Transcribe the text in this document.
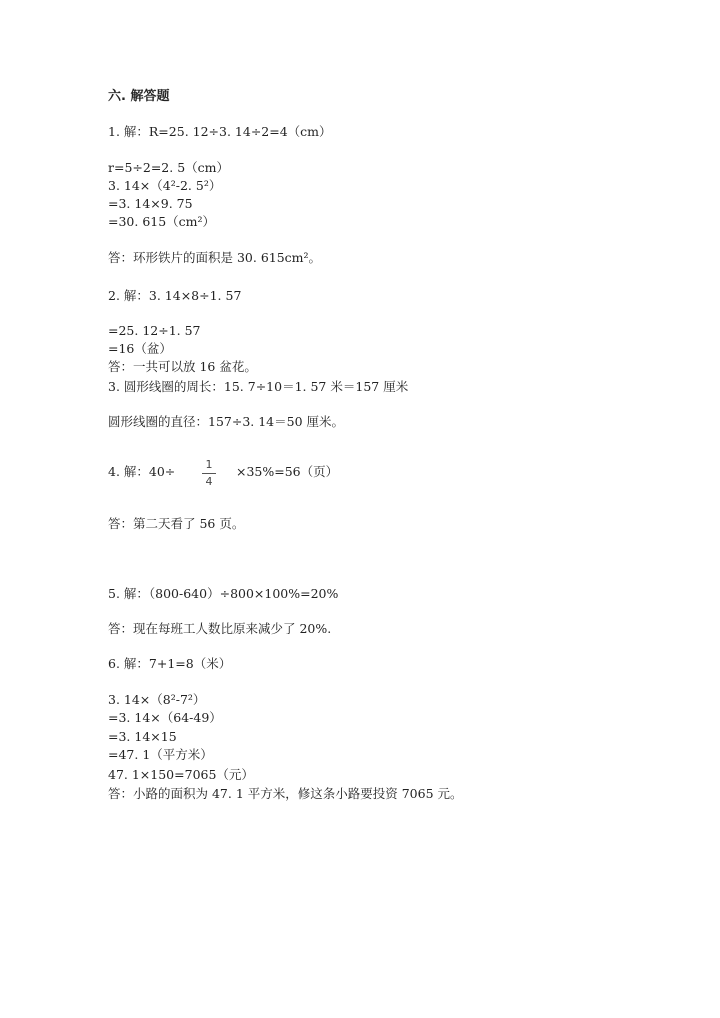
六. 解答题
1. 解：R=25. 12÷3. 14÷2=4（cm）
r=5÷2=2. 5（cm）
3. 14×（4²-2. 5²）
=3. 14×9. 75
=30. 615（cm²）
答：环形铁片的面积是 30. 615cm²。
2. 解：3. 14×8÷1. 57
=25. 12÷1. 57
=16（盆）
答：一共可以放 16 盆花。
3. 圆形线圈的周长：15. 7÷10＝1. 57 米＝157 厘米
圆形线圈的直径：157÷3. 14＝50 厘米。
4. 解：40÷	1
4
×35%=56（页）
答：第二天看了 56 页。
5. 解：（800-640）÷800×100%=20%
答：现在每班工人数比原来减少了 20%.
6. 解：7+1=8（米）
3. 14×（8²-7²）
=3. 14×（64-49）
=3. 14×15
=47. 1（平方米）
47. 1×150=7065（元）
答：小路的面积为 47. 1 平方米，修这条小路要投资 7065 元。
